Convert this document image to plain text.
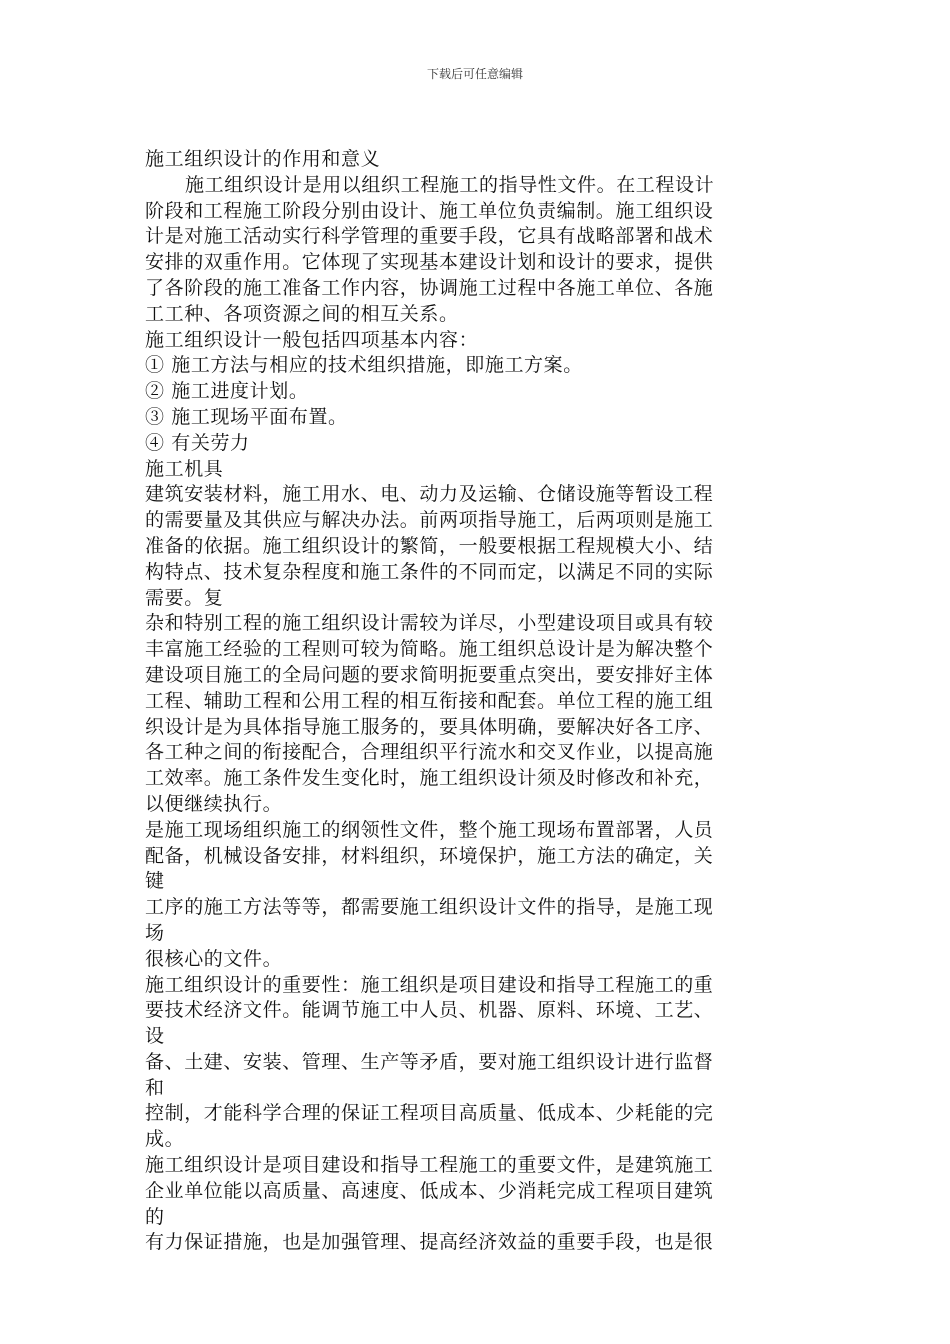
下载后可任意编辑
施工组织设计的作用和意义
施工组织设计是用以组织工程施工的指导性文件。在工程设计
阶段和工程施工阶段分别由设计、施工单位负责编制。施工组织设
计是对施工活动实行科学管理的重要手段，它具有战略部署和战术
安排的双重作用。它体现了实现基本建设计划和设计的要求，提供
了各阶段的施工准备工作内容，协调施工过程中各施工单位、各施
工工种、各项资源之间的相互关系。
施工组织设计一般包括四项基本内容：
① 施工方法与相应的技术组织措施，即施工方案。
② 施工进度计划。
③ 施工现场平面布置。
④ 有关劳力
施工机具
建筑安装材料，施工用水、电、动力及运输、仓储设施等暂设工程
的需要量及其供应与解决办法。前两项指导施工，后两项则是施工
准备的依据。施工组织设计的繁简，一般要根据工程规模大小、结
构特点、技术复杂程度和施工条件的不同而定，以满足不同的实际
需要。复
杂和特别工程的施工组织设计需较为详尽，小型建设项目或具有较
丰富施工经验的工程则可较为简略。施工组织总设计是为解决整个
建设项目施工的全局问题的要求简明扼要重点突出，要安排好主体
工程、辅助工程和公用工程的相互衔接和配套。单位工程的施工组
织设计是为具体指导施工服务的，要具体明确，要解决好各工序、
各工种之间的衔接配合，合理组织平行流水和交叉作业，以提高施
工效率。施工条件发生变化时，施工组织设计须及时修改和补充，
以便继续执行。
是施工现场组织施工的纲领性文件，整个施工现场布置部署，人员
配备，机械设备安排，材料组织，环境保护，施工方法的确定，关
键
工序的施工方法等等，都需要施工组织设计文件的指导，是施工现
场
很核心的文件。
施工组织设计的重要性：施工组织是项目建设和指导工程施工的重
要技术经济文件。能调节施工中人员、机器、原料、环境、工艺、
设
备、土建、安装、管理、生产等矛盾，要对施工组织设计进行监督
和
控制，才能科学合理的保证工程项目高质量、低成本、少耗能的完
成。
施工组织设计是项目建设和指导工程施工的重要文件，是建筑施工
企业单位能以高质量、高速度、低成本、少消耗完成工程项目建筑
的
有力保证措施，也是加强管理、提高经济效益的重要手段，也是很
